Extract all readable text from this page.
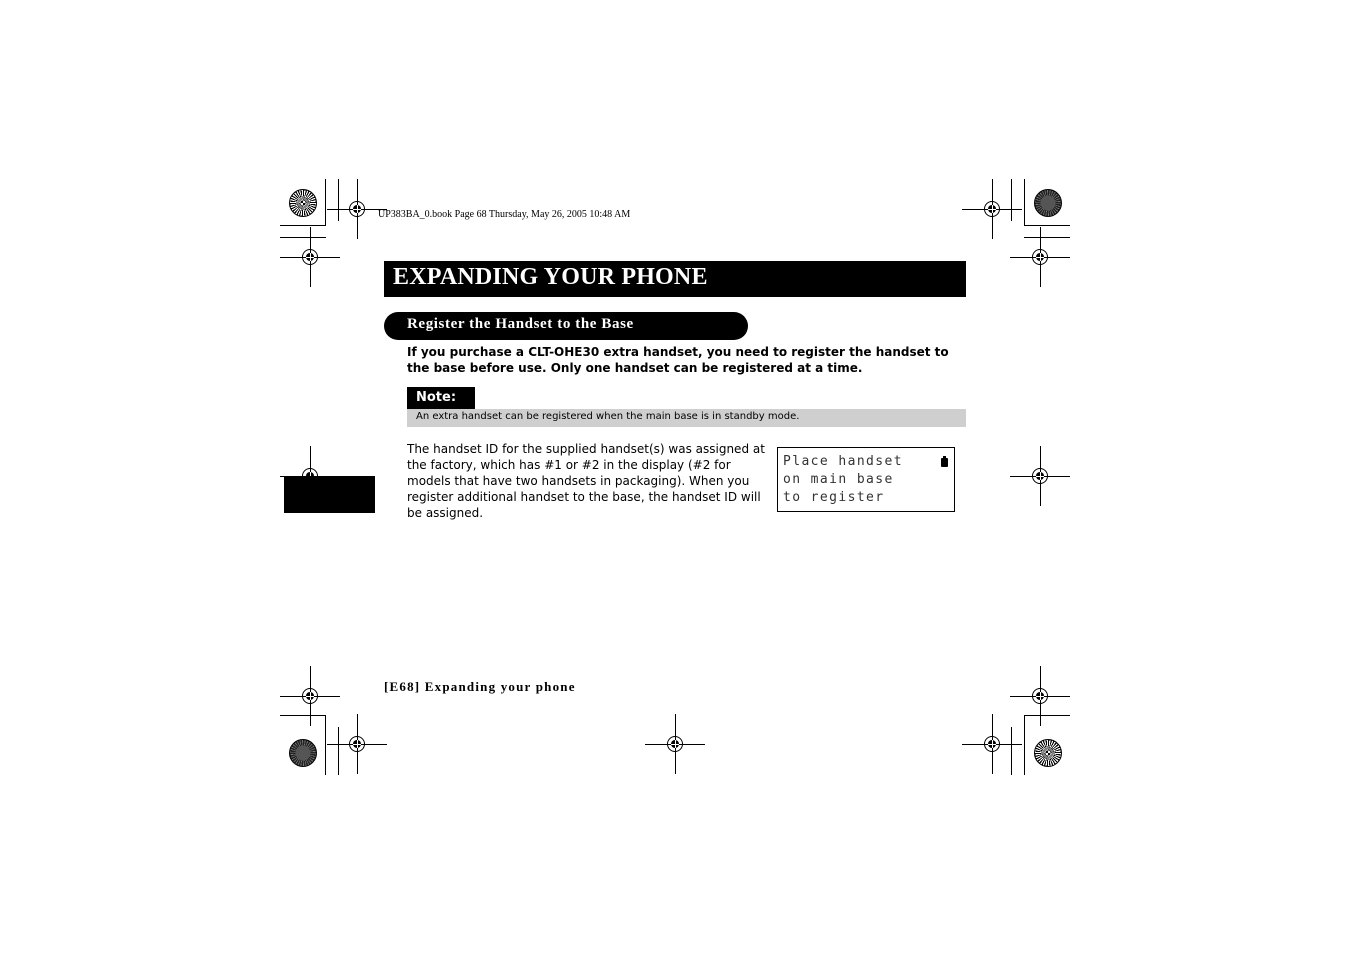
UP383BA_0.book Page 68 Thursday, May 26, 2005 10:48 AM
EXPANDING YOUR PHONE
Register the Handset to the Base
If you purchase a CLT-OHE30 extra handset, you need to register the handset to the base before use. Only one handset can be registered at a time.
Note:
An extra handset can be registered when the main base is in standby mode.
The handset ID for the supplied handset(s) was assigned at the factory, which has #1 or #2 in the display (#2 for models that have two handsets in packaging). When you register additional handset to the base, the handset ID will be assigned.
Place handset
on main base
to register
[E68] Expanding your phone
